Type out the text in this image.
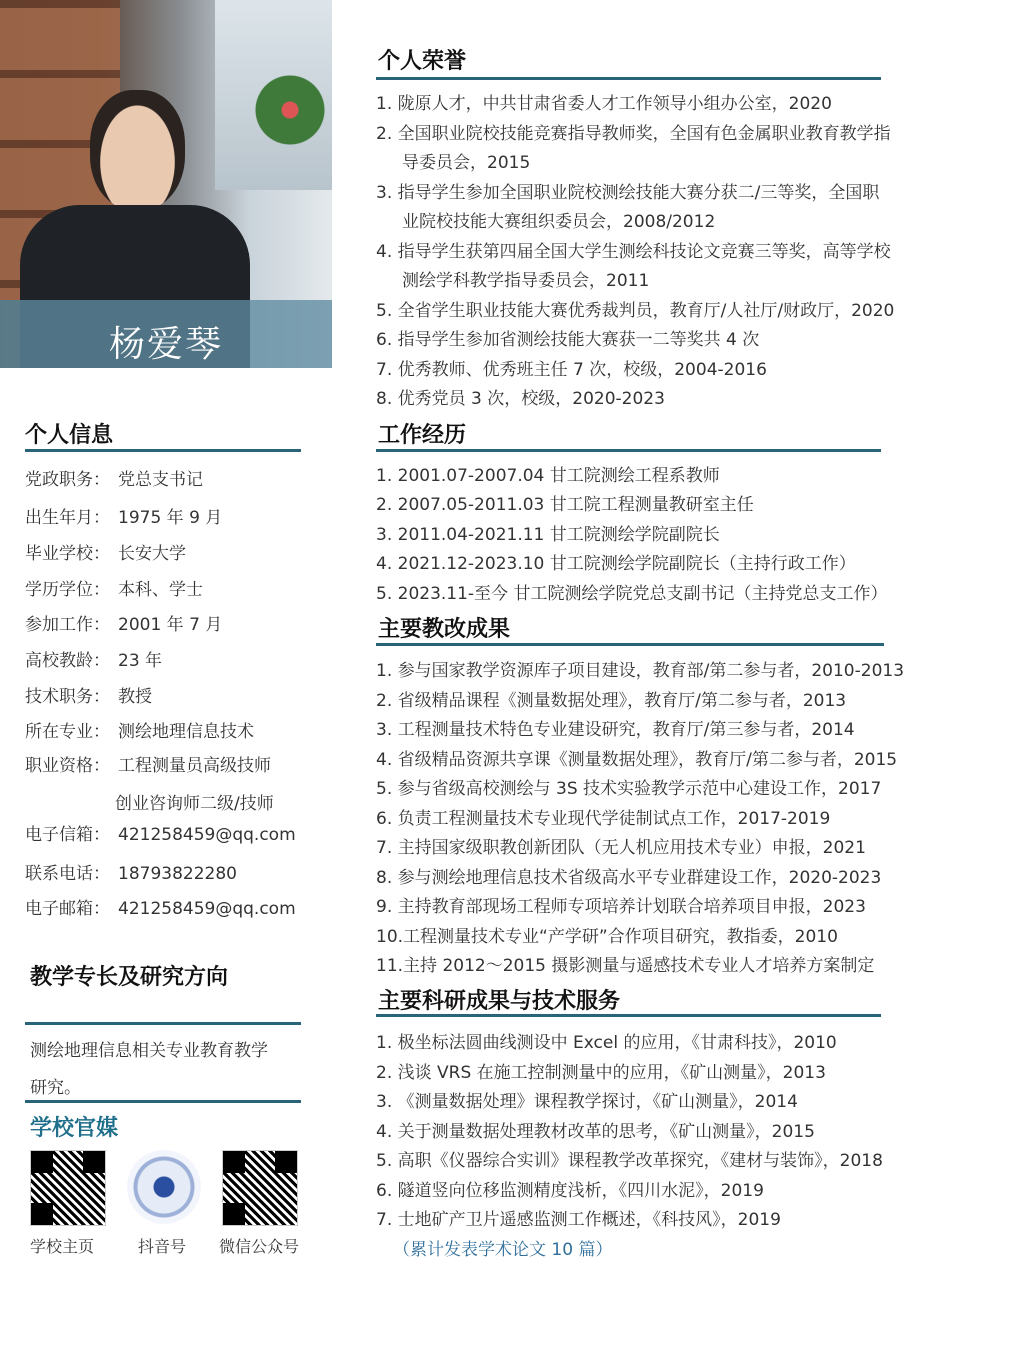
杨爱琴
个人信息
党政职务： 党总支书记
出生年月： 1975 年 9 月
毕业学校： 长安大学
学历学位： 本科、学士
参加工作： 2001 年 7 月
高校教龄： 23 年
技术职务： 教授
所在专业： 测绘地理信息技术
职业资格： 工程测量员高级技师
创业咨询师二级/技师
电子信箱： 421258459@qq.com
联系电话： 18793822280
电子邮箱： 421258459@qq.com
教学专长及研究方向
测绘地理信息相关专业教育教学
研究。
学校官媒
学校主页	抖音号 微信公众号
个人荣誉
1. 陇原人才，中共甘肃省委人才工作领导小组办公室，2020
2. 全国职业院校技能竞赛指导教师奖，全国有色金属职业教育教学指
导委员会，2015
3. 指导学生参加全国职业院校测绘技能大赛分获二/三等奖，全国职
业院校技能大赛组织委员会，2008/2012
4. 指导学生获第四届全国大学生测绘科技论文竞赛三等奖，高等学校
测绘学科教学指导委员会，2011
5. 全省学生职业技能大赛优秀裁判员，教育厅/人社厅/财政厅，2020
6. 指导学生参加省测绘技能大赛获一二等奖共 4 次
7. 优秀教师、优秀班主任 7 次，校级，2004-2016
8. 优秀党员 3 次，校级，2020-2023
工作经历
1. 2001.07-2007.04 甘工院测绘工程系教师
2. 2007.05-2011.03 甘工院工程测量教研室主任
3. 2011.04-2021.11 甘工院测绘学院副院长
4. 2021.12-2023.10 甘工院测绘学院副院长（主持行政工作）
5. 2023.11-至今 甘工院测绘学院党总支副书记（主持党总支工作）
主要教改成果
1. 参与国家教学资源库子项目建设，教育部/第二参与者，2010-2013
2. 省级精品课程《测量数据处理》，教育厅/第二参与者，2013
3. 工程测量技术特色专业建设研究，教育厅/第三参与者，2014
4. 省级精品资源共享课《测量数据处理》，教育厅/第二参与者，2015
5. 参与省级高校测绘与 3S 技术实验教学示范中心建设工作，2017
6. 负责工程测量技术专业现代学徒制试点工作，2017-2019
7. 主持国家级职教创新团队（无人机应用技术专业）申报，2021
8. 参与测绘地理信息技术省级高水平专业群建设工作，2020-2023
9. 主持教育部现场工程师专项培养计划联合培养项目申报，2023
10.工程测量技术专业“产学研”合作项目研究，教指委，2010
11.主持 2012～2015 摄影测量与遥感技术专业人才培养方案制定
主要科研成果与技术服务
1. 极坐标法圆曲线测设中 Excel 的应用，《甘肃科技》，2010
2. 浅谈 VRS 在施工控制测量中的应用，《矿山测量》，2013
3. 《测量数据处理》课程教学探讨，《矿山测量》，2014
4. 关于测量数据处理教材改革的思考，《矿山测量》，2015
5. 高职《仪器综合实训》课程教学改革探究，《建材与装饰》，2018
6. 隧道竖向位移监测精度浅析，《四川水泥》，2019
7. 士地矿产卫片遥感监测工作概述，《科技风》，2019
（累计发表学术论文 10 篇）
